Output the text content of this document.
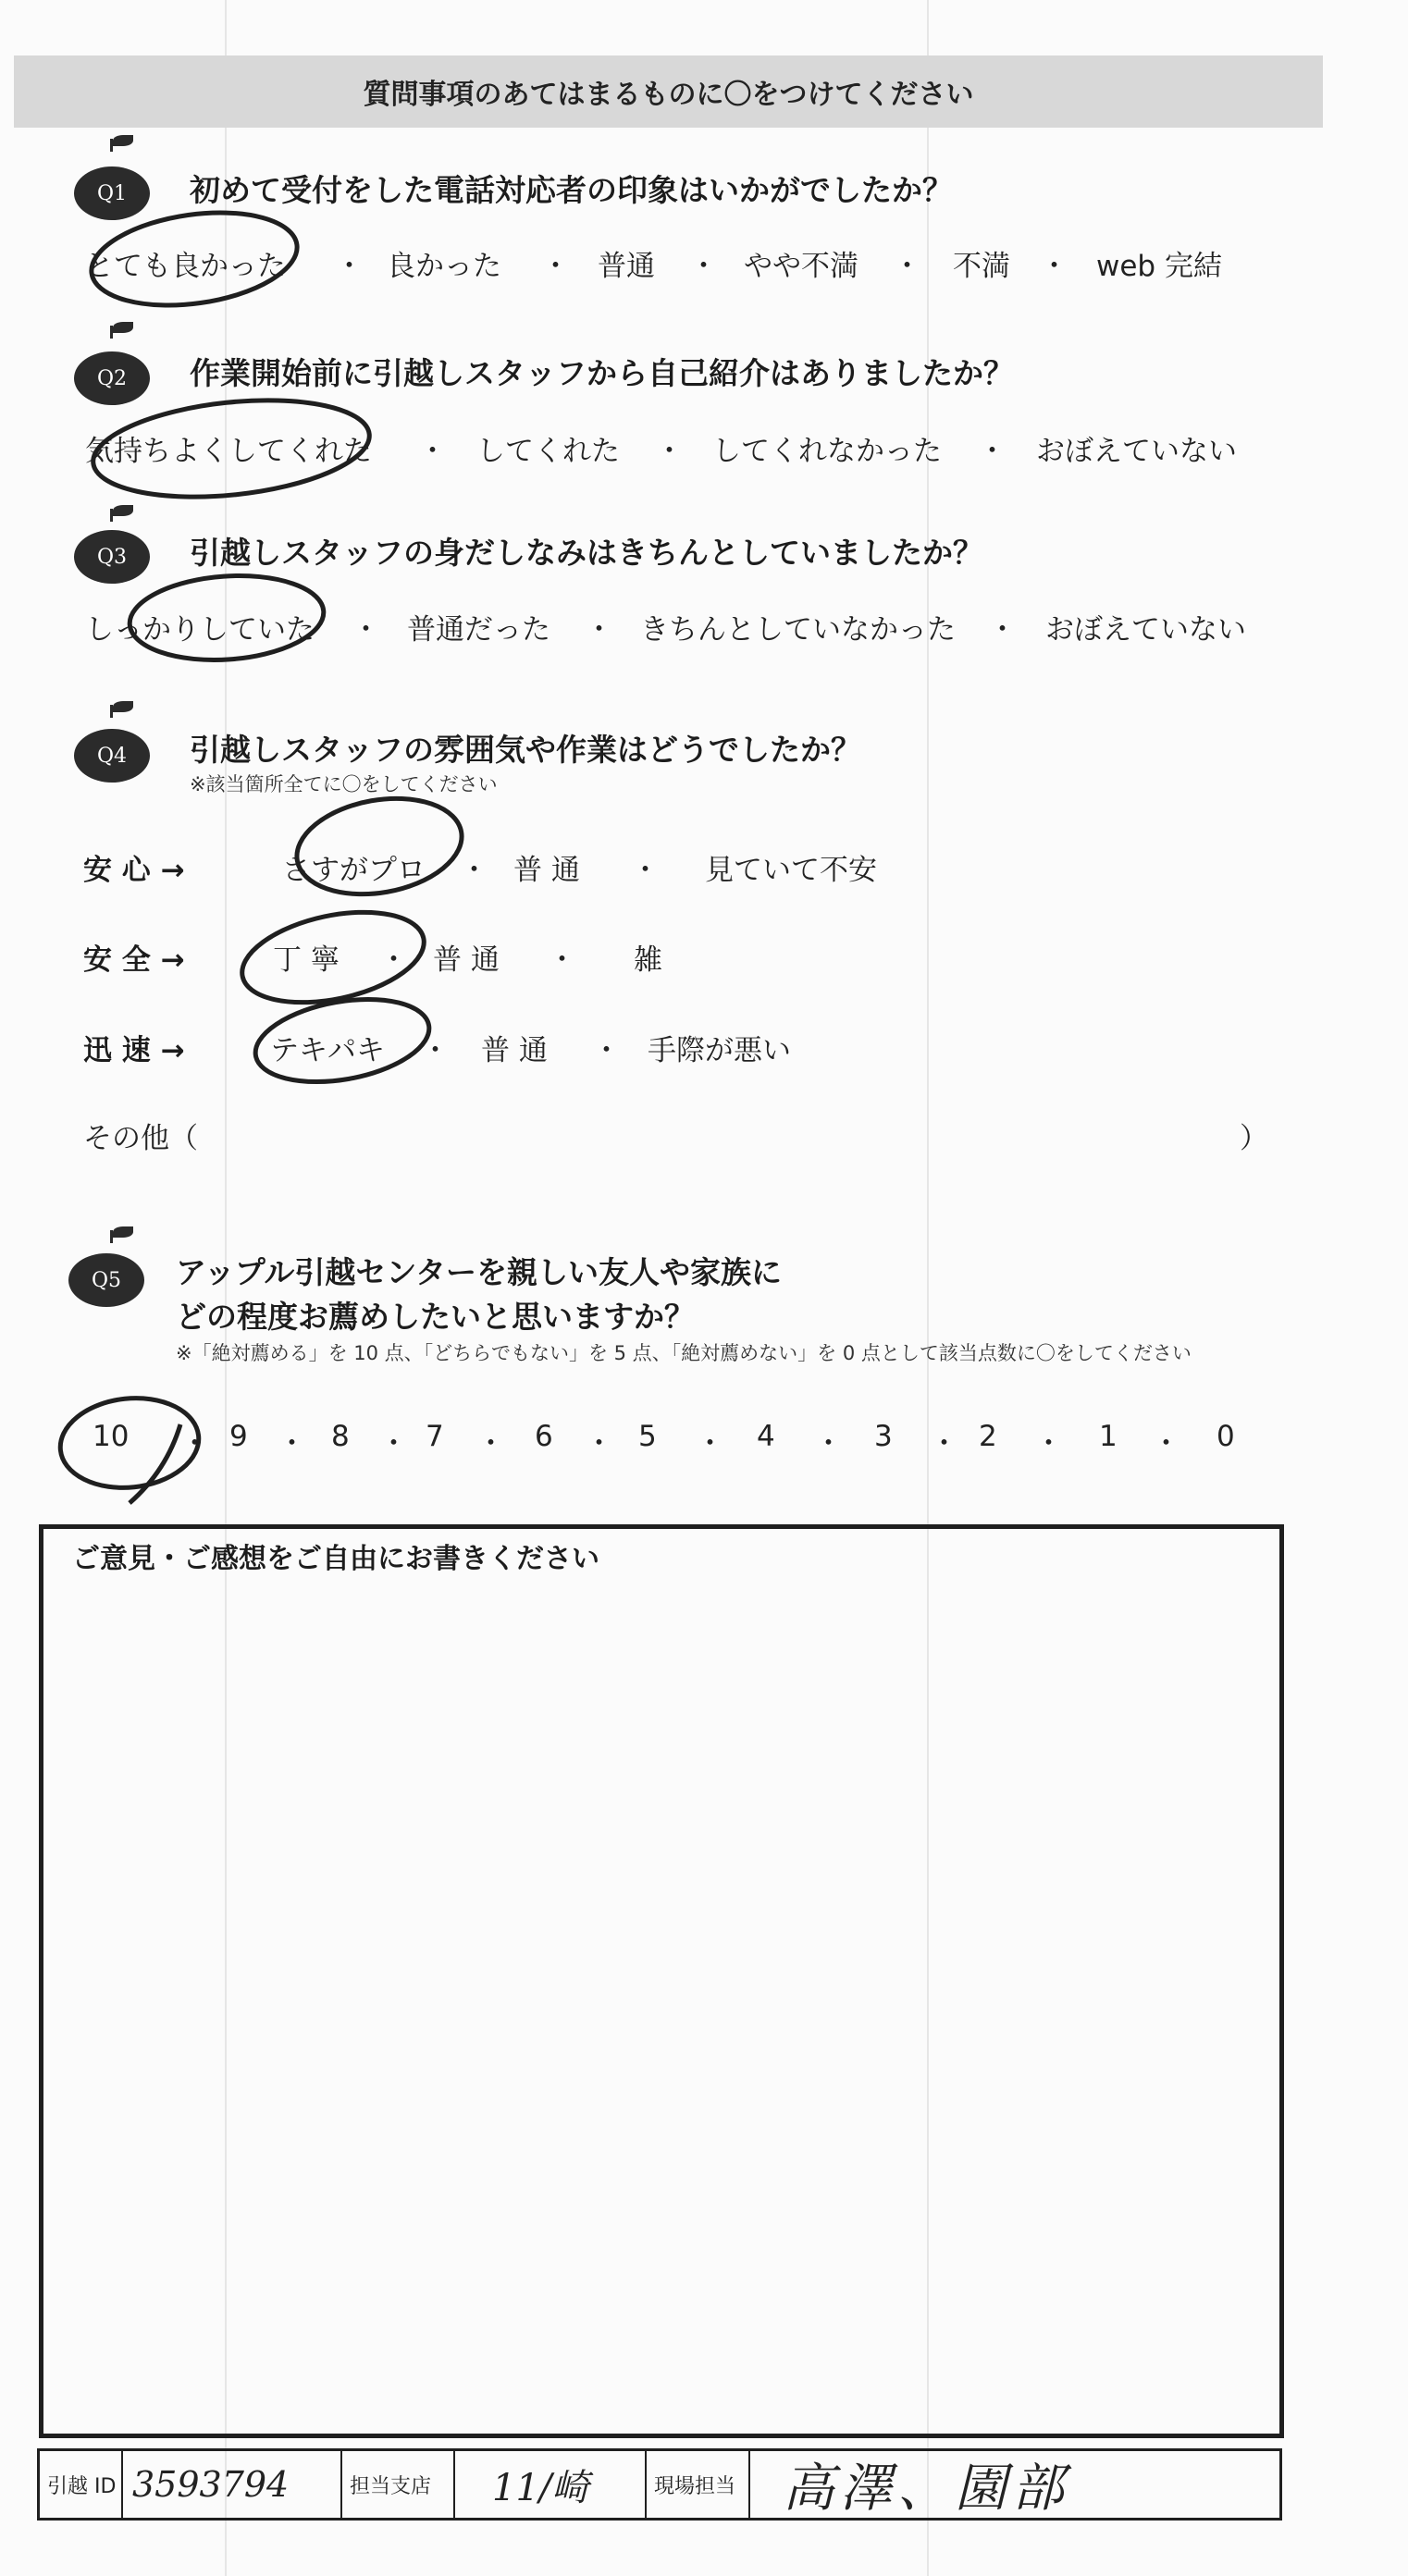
質問事項のあてはまるものに〇をつけてください
Q1 初めて受付をした電話対応者の印象はいかがでしたか？
とても良かった ・ 良かった ・ 普通 ・ やや不満 ・ 不満 ・ web 完結
Q2 作業開始前に引越しスタッフから自己紹介はありましたか？
気持ちよくしてくれた ・ してくれた ・ してくれなかった ・ おぼえていない
Q3 引越しスタッフの身だしなみはきちんとしていましたか？
しっかりしていた ・ 普通だった ・ きちんとしていなかった ・ おぼえていない
Q4 引越しスタッフの雰囲気や作業はどうでしたか？
※該当箇所全てに〇をしてください
安 心 →	さすがプロ ・ 普 通 ・ 見ていて不安
安 全 →	丁 寧 ・ 普 通 ・ 雑
迅 速 →	テキパキ ・ 普 通 ・ 手際が悪い
その他（	）
Q5 アップル引越センターを親しい友人や家族に
どの程度お薦めしたいと思いますか？
※「絶対薦める」を 10 点、「どちらでもない」を 5 点、「絶対薦めない」を 0 点として該当点数に〇をしてください
10 ・ 9 ・ 8 ・ 7 ・ 6 ・ 5 ・ 4 ・ 3 ・ 2 ・ 1 ・ 0
ご意見・ご感想をご自由にお書きください
引越 ID 3593794	担当支店	11/崎	現場担当 高澤、園部
